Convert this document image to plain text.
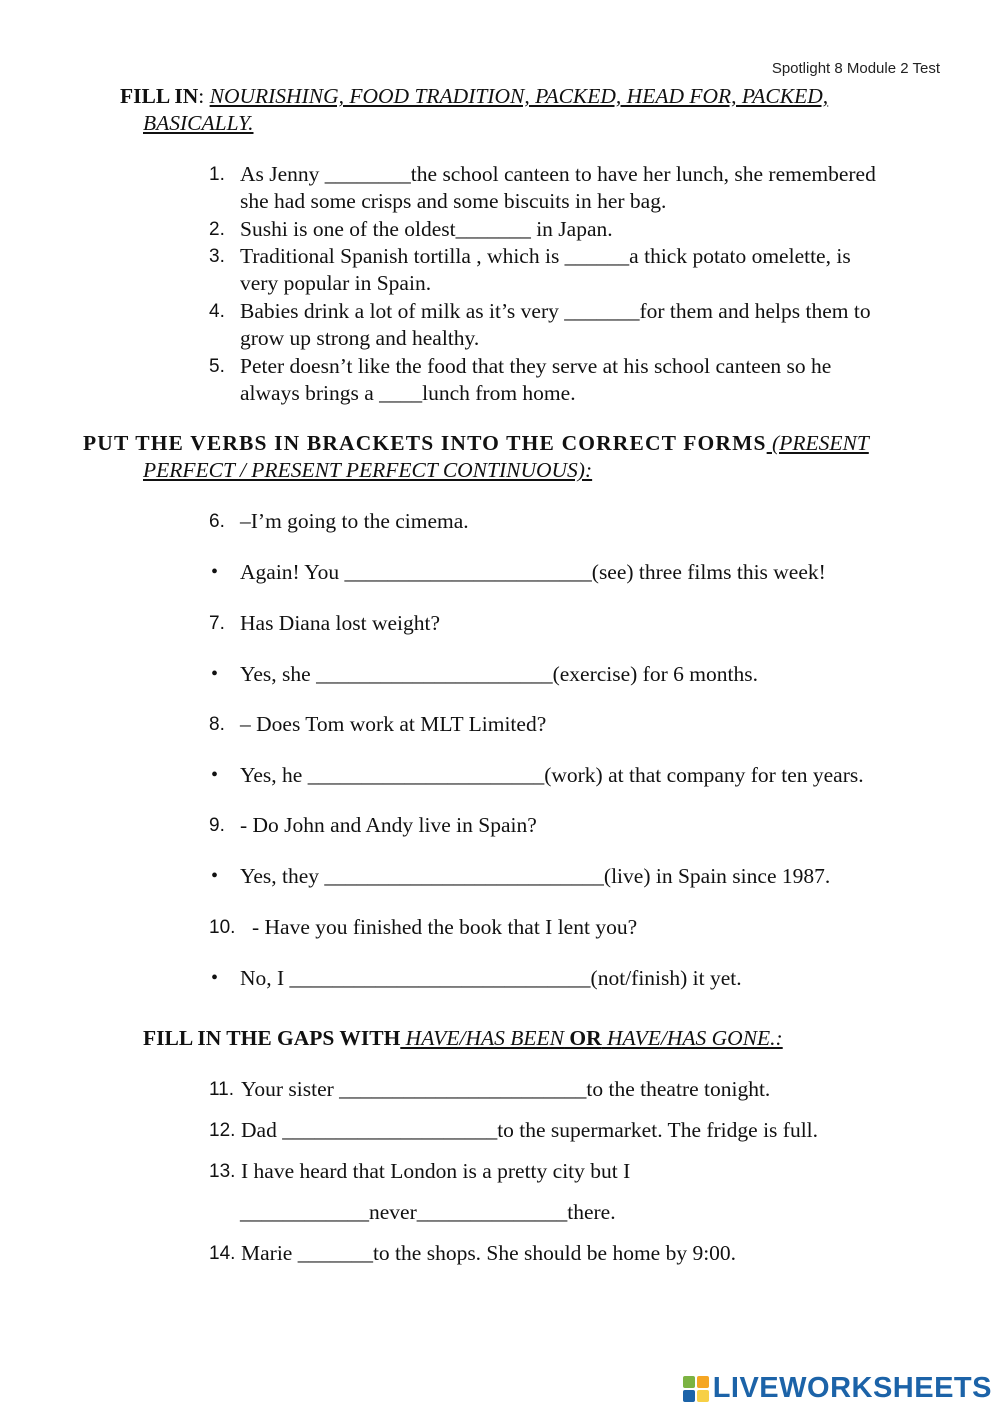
Spotlight 8 Module 2 Test
FILL IN: NOURISHING, FOOD TRADITION, PACKED, HEAD FOR, PACKED,
BASICALLY.
1. As Jenny ________the school canteen to have her lunch, she remembered
she had some crisps and some biscuits in her bag.
2. Sushi is one of the oldest_______ in Japan.
3. Traditional Spanish tortilla , which is ______a thick potato omelette, is
very popular in Spain.
4. Babies drink a lot of milk as it’s very _______for them and helps them to
grow up strong and healthy.
5. Peter doesn’t like the food that they serve at his school canteen so he
always brings a ____lunch from home.
PUT THE VERBS IN BRACKETS INTO THE CORRECT FORMS (PRESENT
PERFECT / PRESENT PERFECT CONTINUOUS):
6. –I’m going to the cimema.
• Again! You _______________________(see) three films this week!
7. Has Diana lost weight?
• Yes, she ______________________(exercise) for 6 months.
8. – Does Tom work at MLT Limited?
• Yes, he ______________________(work) at that company for ten years.
9. - Do John and Andy live in Spain?
• Yes, they __________________________(live) in Spain since 1987.
10. - Have you finished the book that I lent you?
• No, I ____________________________(not/finish) it yet.
FILL IN THE GAPS WITH HAVE/HAS BEEN OR HAVE/HAS GONE.:
11. Your sister _______________________to the theatre tonight.
12. Dad ____________________to the supermarket. The fridge is full.
13. I have heard that London is a pretty city but I
____________never______________there.
14. Marie _______to the shops. She should be home by 9:00.
LIVEWORKSHEETS
